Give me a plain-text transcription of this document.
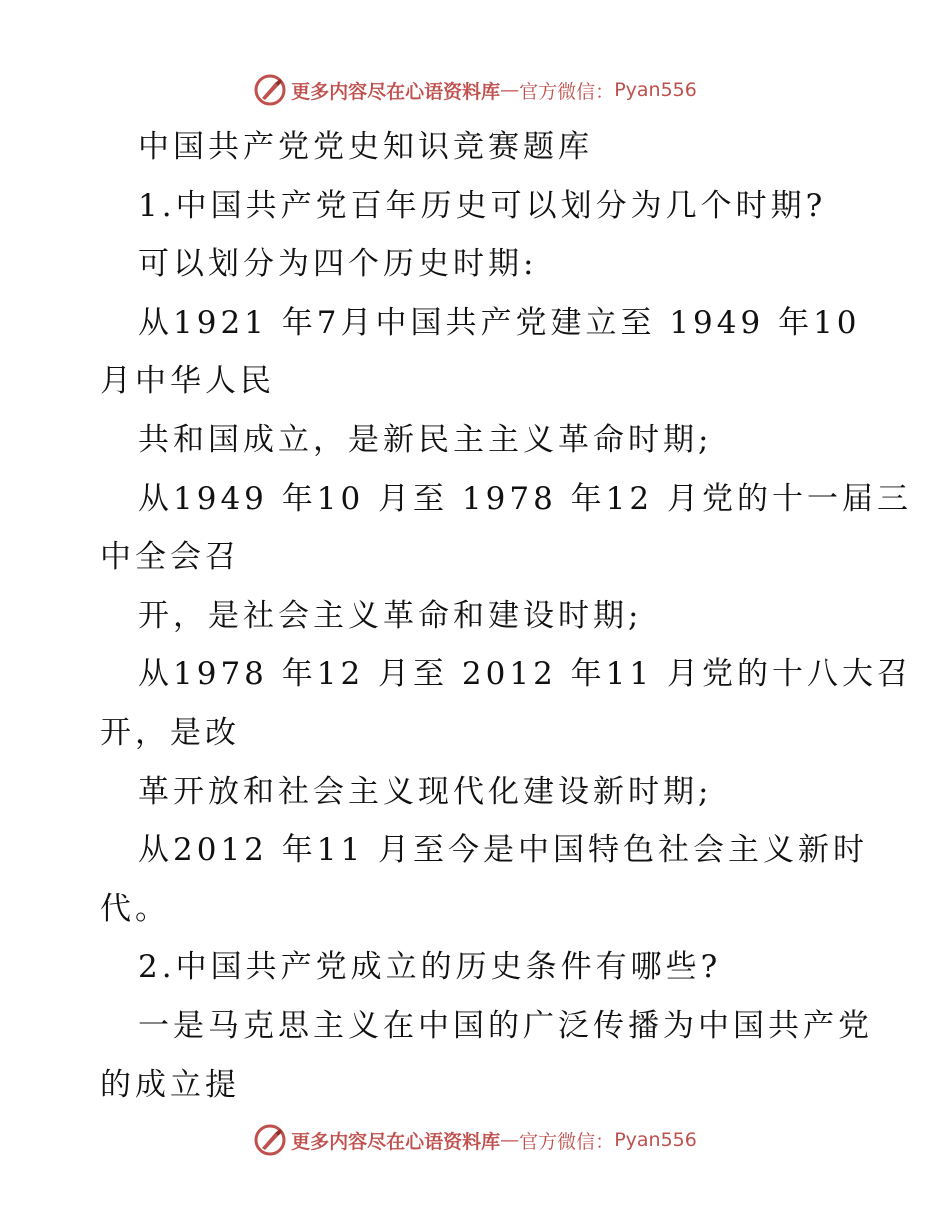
更多内容尽在心语资料库 — 官方微信： Pyan556
中国共产党党史知识竞赛题库
1.中国共产党百年历史可以划分为几个时期?
可以划分为四个历史时期:
从1921 年7月中国共产党建立至 1949 年10
月中华人民
共和国成立，是新民主主义革命时期;
从1949 年10 月至 1978 年12 月党的十一届三
中全会召
开，是社会主义革命和建设时期;
从1978 年12 月至 2012 年11 月党的十八大召
开，是改
革开放和社会主义现代化建设新时期;
从2012 年11 月至今是中国特色社会主义新时
代。
2.中国共产党成立的历史条件有哪些?
一是马克思主义在中国的广泛传播为中国共产党
的成立提
更多内容尽在心语资料库 — 官方微信： Pyan556
